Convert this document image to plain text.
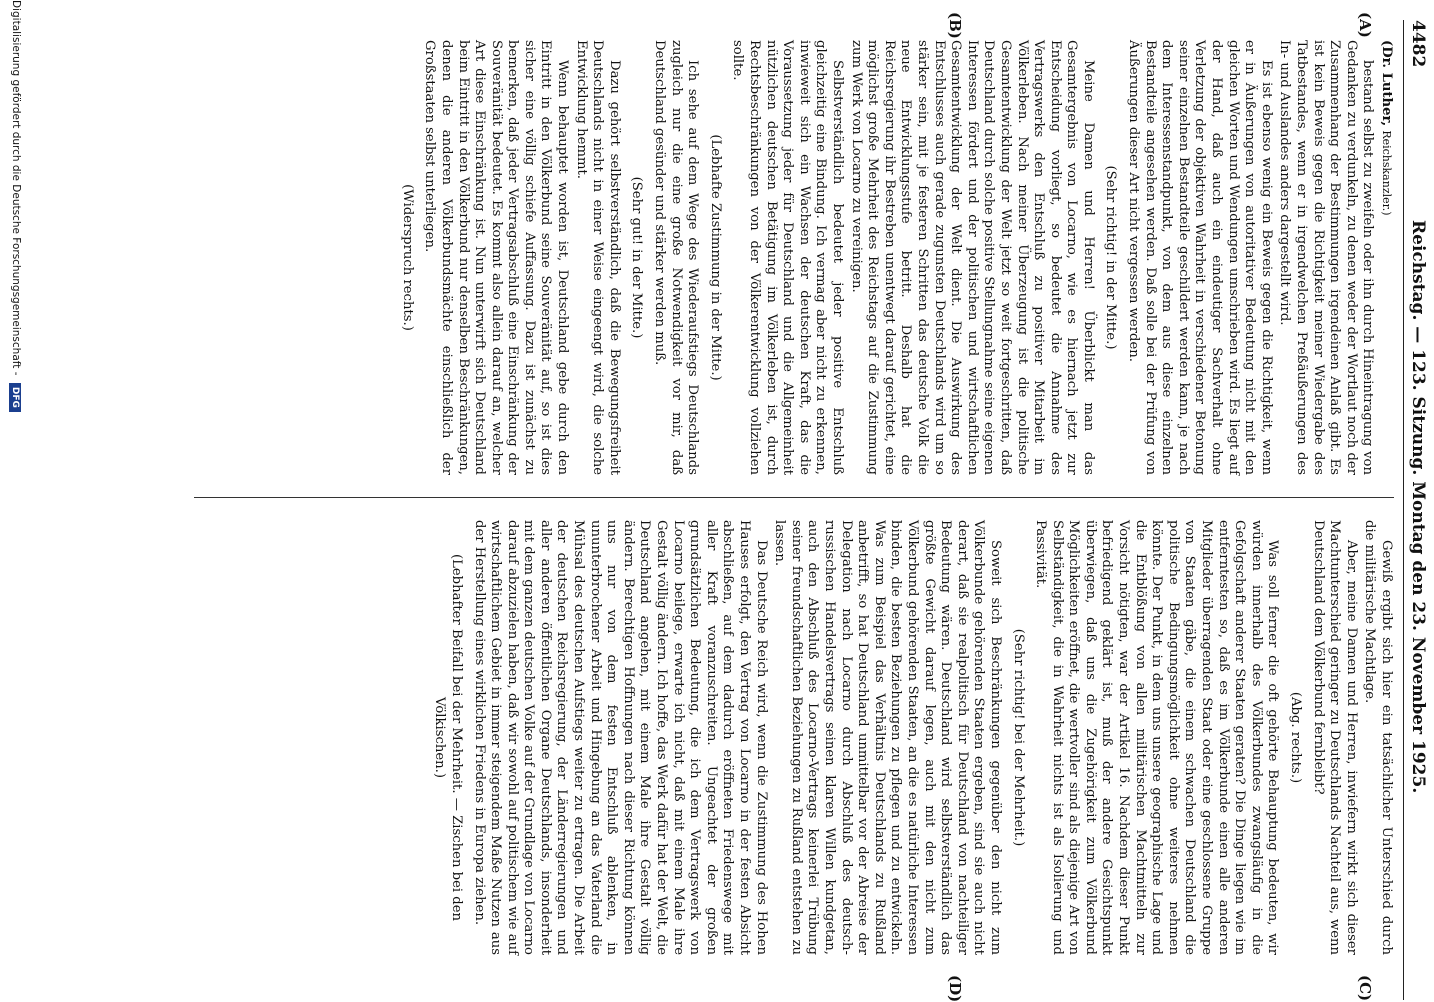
4482
Reichstag. — 123. Sitzung. Montag den 23. November 1925.
(A)
(B)
(C)
(D)

(Dr. Luther, Reichskanzler.)

bestand selbst zu zweifeln oder ihn durch Hineintragung von Gedanken zu verdunkeln, zu denen weder der Wortlaut noch der Zusammenhang der Bestimmungen irgendeinen Anlaß gibt. Es ist kein Beweis gegen die Richtigkeit meiner Wiedergabe des Tatbestandes, wenn er in irgendwelchen Preßäußerungen des In- und Auslandes anders dargestellt wird.

Es ist ebenso wenig ein Beweis gegen die Richtigkeit, wenn er in Äußerungen von autoritativer Bedeutung nicht mit den gleichen Worten und Wendungen umschrieben wird. Es liegt auf der Hand, daß auch ein eindeutiger Sachverhalt ohne Verletzung der objektiven Wahrheit in verschiedener Betonung seiner einzelnen Bestandteile geschildert werden kann, je nach dem Interessenstandpunkt, von dem aus diese einzelnen Bestandteile angesehen werden. Daß solle bei der Prüfung von Äußerungen dieser Art nicht vergessen werden.

(Sehr richtig! in der Mitte.)

Meine Damen und Herren! Überblickt man das Gesamtergebnis von Locarno, wie es hiernach jetzt zur Entscheidung vorliegt, so bedeutet die Annahme des Vertragswerks den Entschluß zu positiver Mitarbeit im Völkerleben. Nach meiner Überzeugung ist die politische Gesamtentwicklung der Welt jetzt so weit fortgeschritten, daß Deutschland durch solche positive Stellungnahme seine eigenen Interessen fördert und der politischen und wirtschaftlichen Gesamtentwicklung der Welt dient. Die Auswirkung des Entschlusses auch gerade zugunsten Deutschlands wird um so stärker sein, mit je festeren Schritten das deutsche Volk die neue Entwicklungsstufe betritt. Deshalb hat die Reichsregierung ihr Bestreben unentwegt darauf gerichtet, eine möglichst große Mehrheit des Reichstags auf die Zustimmung zum Werk von Locarno zu vereinigen.

Selbstverständlich bedeutet jeder positive Entschluß gleichzeitig eine Bindung. Ich vermag aber nicht zu erkennen, inwieweit sich ein Wachsen der deutschen Kraft, das die Voraussetzung jeder für Deutschland und die Allgemeinheit nützlichen deutschen Betätigung im Völkerleben ist, durch Rechtsbeschränkungen von der Völkerentwicklung vollziehen sollte.

(Lebhafte Zustimmung in der Mitte.)

Ich sehe auf dem Wege des Wiederaufstiegs Deutschlands zugleich nur die eine große Notwendigkeit vor mir, daß Deutschland gesünder und stärker werden muß.

(Sehr gut! in der Mitte.)

Dazu gehört selbstverständlich, daß die Bewegungsfreiheit Deutschlands nicht in einer Weise eingeengt wird, die solche Entwicklung hemmt.

Wenn behauptet worden ist, Deutschland gebe durch den Eintritt in den Völkerbund seine Souveränität auf, so ist dies sicher eine völlig schiefe Auffassung. Dazu ist zunächst zu bemerken, daß jeder Vertragsabschluß eine Einschränkung der Souveränität bedeutet. Es kommt also allein darauf an, welcher Art diese Einschränkung ist. Nun unterwirft sich Deutschland beim Eintritt in den Völkerbund nur denselben Beschränkungen, denen die anderen Völkerbundsmächte einschließlich der Großstaaten selbst unterliegen.

(Widerspruch rechts.)

Gewiß ergibt sich hier ein tatsächlicher Unterschied durch die militärische Machtlage.

Aber, meine Damen und Herren, inwiefern wirkt sich dieser Machtunterschied geringer zu Deutschlands Nachteil aus, wenn Deutschland dem Völkerbund fernbleibt?

(Abg. rechts.)

Was soll ferner die oft gehörte Behauptung bedeuten, wir würden innerhalb des Völkerbundes zwangsläufig in die Gefolgschaft anderer Staaten geraten? Die Dinge liegen wie im entferntesten so, daß es im Völkerbunde einen alle anderen Mitglieder überragenden Staat oder eine geschlossene Gruppe von Staaten gäbe, die einem schwachen Deutschland die politische Bedingungsmöglichkeit ohne weiteres nehmen könnte. Der Punkt, in dem uns unsere geographische Lage und die Entblößung von allen militärischen Machtmitteln zur Vorsicht nötigten, war der Artikel 16. Nachdem dieser Punkt befriedigend geklärt ist, muß der andere Gesichtspunkt überwiegen, daß uns die Zugehörigkeit zum Völkerbund Möglichkeiten eröffnet, die wertvoller sind als diejenige Art von Selbständigkeit, die in Wahrheit nichts ist als Isolierung und Passivität.

(Sehr richtig! bei der Mehrheit.)

Soweit sich Beschränkungen gegenüber den nicht zum Völkerbunde gehörenden Staaten ergeben, sind sie auch nicht derart, daß sie realpolitisch für Deutschland von nachteiliger Bedeutung wären. Deutschland wird selbstverständlich das größte Gewicht darauf legen, auch mit den nicht zum Völkerbund gehörenden Staaten, an die es natürliche Interessen binden, die besten Beziehungen zu pflegen und zu entwickeln. Was zum Beispiel das Verhältnis Deutschlands zu Rußland anbetrifft, so hat Deutschland unmittelbar vor der Abreise der Delegation nach Locarno durch Abschluß des deutsch-russischen Handelsvertrags seinen klaren Willen kundgetan, auch den Abschluß des Locarno-Vertrags keinerlei Trübung seiner freundschaftlichen Beziehungen zu Rußland entstehen zu lassen.

Das Deutsche Reich wird, wenn die Zustimmung des Hohen Hauses erfolgt, den Vertrag von Locarno in der festen Absicht abschließen, auf dem dadurch eröffneten Friedenswege mit aller Kraft voranzuschreiten. Ungeachtet der großen grundsätzlichen Bedeutung, die ich dem Vertragswerk von Locarno beilege, erwarte ich nicht, daß mit einem Male ihre Gestalt völlig ändern. Ich hoffe, das Werk dafür hat der Welt, die Deutschland angehen, mit einem Male ihre Gestalt völlig ändern. Berechtigen Hoffnungen nach dieser Richtung können uns nur von dem festen Entschluß ablenken, in ununterbrochener Arbeit und Hingebung an das Vaterland die Mühsal des deutschen Aufstiegs weiter zu ertragen. Die Arbeit der deutschen Reichsregierung, der Länderregierungen und aller anderen öffentlichen Organe Deutschlands, insonderheit mit dem ganzen deutschen Volke auf der Grundlage von Locarno darauf abzuzielen haben, daß wir sowohl auf politischem wie auf wirtschaftlichem Gebiet in immer steigendem Maße Nutzen aus der Herstellung eines wirklichen Friedens in Europa ziehen.

(Lebhafter Beifall bei der Mehrheit. — Zischen bei den Völkischen.)

Digitalisierung gefördert durch die Deutsche Forschungsgemeinschaft - DFG
